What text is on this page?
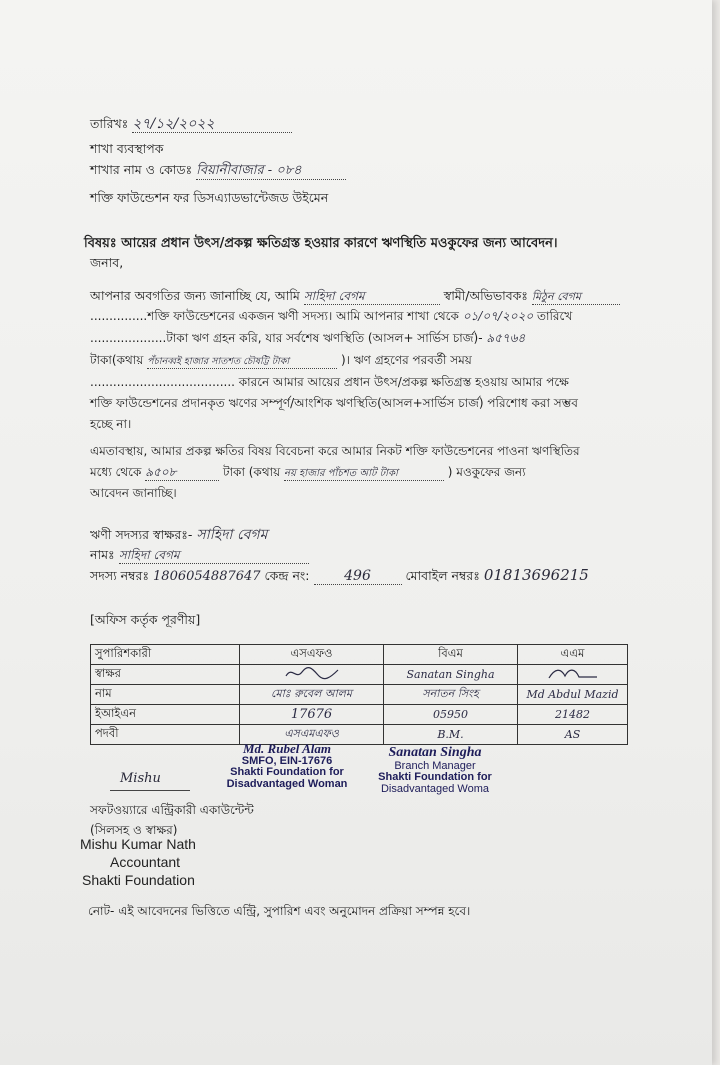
তারিখঃ ২৭/১২/২০২২
শাখা ব্যবস্থাপক
শাখার নাম ও কোডঃ বিয়ানীবাজার - ০৮৪
শক্তি ফাউন্ডেশন ফর ডিসএ্যাডভান্টেজড উইমেন
বিষয়ঃ আয়ের প্রধান উৎস/প্রকল্প ক্ষতিগ্রস্ত হওয়ার কারণে ঋণস্থিতি মওকুফের জন্য আবেদন।
জনাব,
আপনার অবগতির জন্য জানাচ্ছি যে, আমি সাহিদা বেগম	স্বামী/অভিভাবকঃ মিঠুন বেগম
...............শক্তি ফাউন্ডেশনের একজন ঋণী সদস্য। আমি আপনার শাখা থেকে ০১/০৭/২০২০ তারিখে
....................টাকা ঋণ গ্রহন করি, যার সর্বশেষ ঋণস্থিতি (আসল+ সার্ভিস চার্জ)- ৯৫৭৬৪
টাকা(কথায় পঁচানব্বই হাজার সাতশত চৌষট্টি টাকা	)। ঋণ গ্রহণের পরবর্তী সময়
...................................... কারনে আমার আয়ের প্রধান উৎস/প্রকল্প ক্ষতিগ্রস্ত হওয়ায় আমার পক্ষে
শক্তি ফাউন্ডেশনের প্রদানকৃত ঋণের সম্পূর্ণ/আংশিক ঋণস্থিতি(আসল+সার্ভিস চার্জ) পরিশোধ করা সম্ভব
হচ্ছে না।
এমতাবস্থায়, আমার প্রকল্প ক্ষতির বিষয় বিবেচনা করে আমার নিকট শক্তি ফাউন্ডেশনের পাওনা ঋণস্থিতির
মধ্যে থেকে ৯৫০৮	টাকা (কথায় নয় হাজার পাঁচশত আট টাকা	) মওকুফের জন্য
আবেদন জানাচ্ছি।
ঋণী সদস্যর স্বাক্ষরঃ- সাহিদা বেগম
নামঃ সাহিদা বেগম
সদস্য নম্বরঃ 1806054887647 কেন্দ্র নং: 496	মোবাইল নম্বরঃ 01813696215
[অফিস কর্তৃক পূরণীয়]
সুপারিশকারী	এসএফও	বিএম	এএম
স্বাক্ষর		Sanatan Singha	
নাম	মোঃ রুবেল আলম	সনাতন সিংহ	Md Abdul Mazid
ইআইএন	17676	05950	21482
পদবী	এসএমএফও	B.M.	AS
Md. Rubel Alam
SMFO, EIN-17676
Shakti Foundation for
Disadvantaged Woman
Sanatan Singha
Branch Manager
Shakti Foundation for
Disadvantaged Woma
Mishu
সফটওয়্যারে এন্ট্রিকারী একাউন্টেন্ট
(সিলসহ ও স্বাক্ষর)
Mishu Kumar Nath
Accountant
Shakti Foundation
নোট- এই আবেদনের ভিত্তিতে এন্ট্রি, সুপারিশ এবং অনুমোদন প্রক্রিয়া সম্পন্ন হবে।
